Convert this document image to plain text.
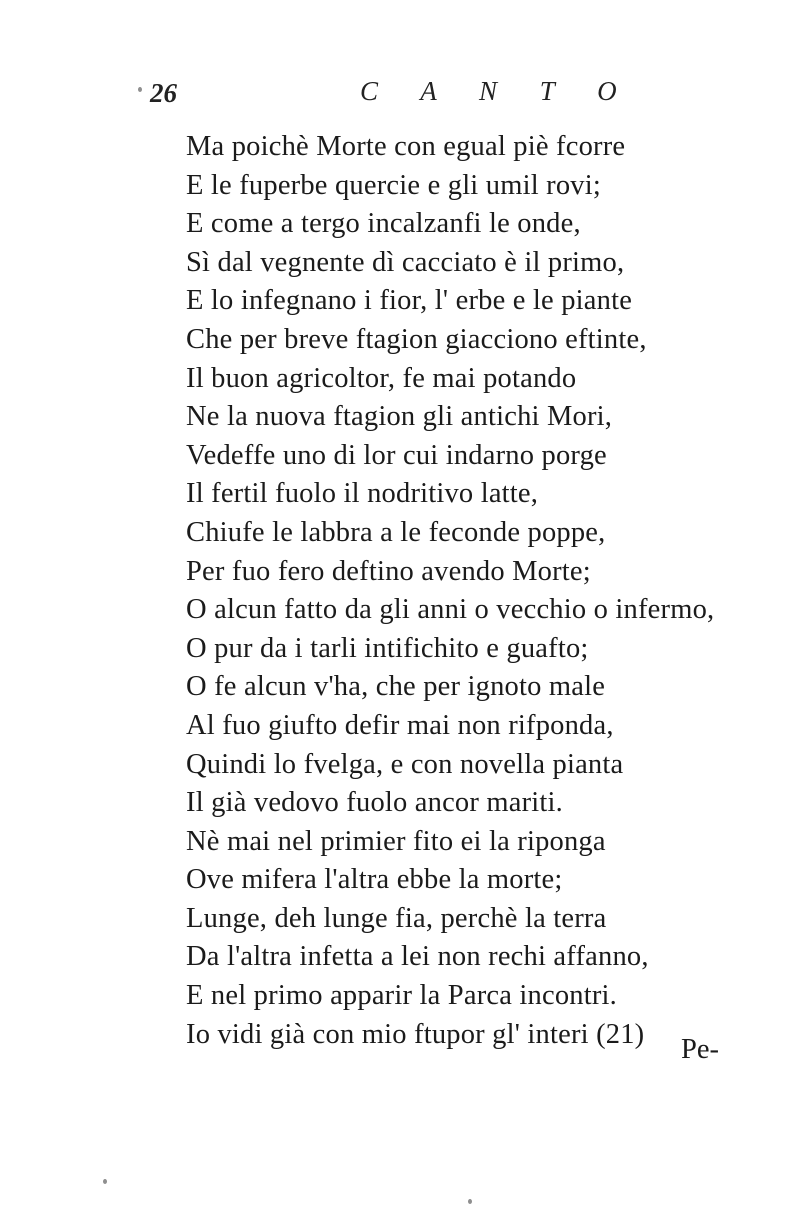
26	C A N T O
Ma poichè Morte con egual piè fcorre
E le fuperbe quercie e gli umil rovi;
E come a tergo incalzanfi le onde,
Sì dal vegnente dì cacciato è il primo,
E lo infegnano i fior, l' erbe e le piante
Che per breve ftagion giacciono eftinte,
Il buon agricoltor, fe mai potando
Ne la nuova ftagion gli antichi Mori,
Vedeffe uno di lor cui indarno porge
Il fertil fuolo il nodritivo latte,
Chiufe le labbra a le feconde poppe,
Per fuo fero deftino avendo Morte;
O alcun fatto da gli anni o vecchio o infermo,
O pur da i tarli intifichito e guafto;
O fe alcun v'ha, che per ignoto male
Al fuo giufto defir mai non rifponda,
Quindi lo fvelga, e con novella pianta
Il già vedovo fuolo ancor mariti.
Nè mai nel primier fito ei la riponga
Ove mifera l'altra ebbe la morte;
Lunge, deh lunge fia, perchè la terra
Da l'altra infetta a lei non rechi affanno,
E nel primo apparir la Parca incontri.
Io vidi già con mio ftupor gl' interi (21)	Pe-
